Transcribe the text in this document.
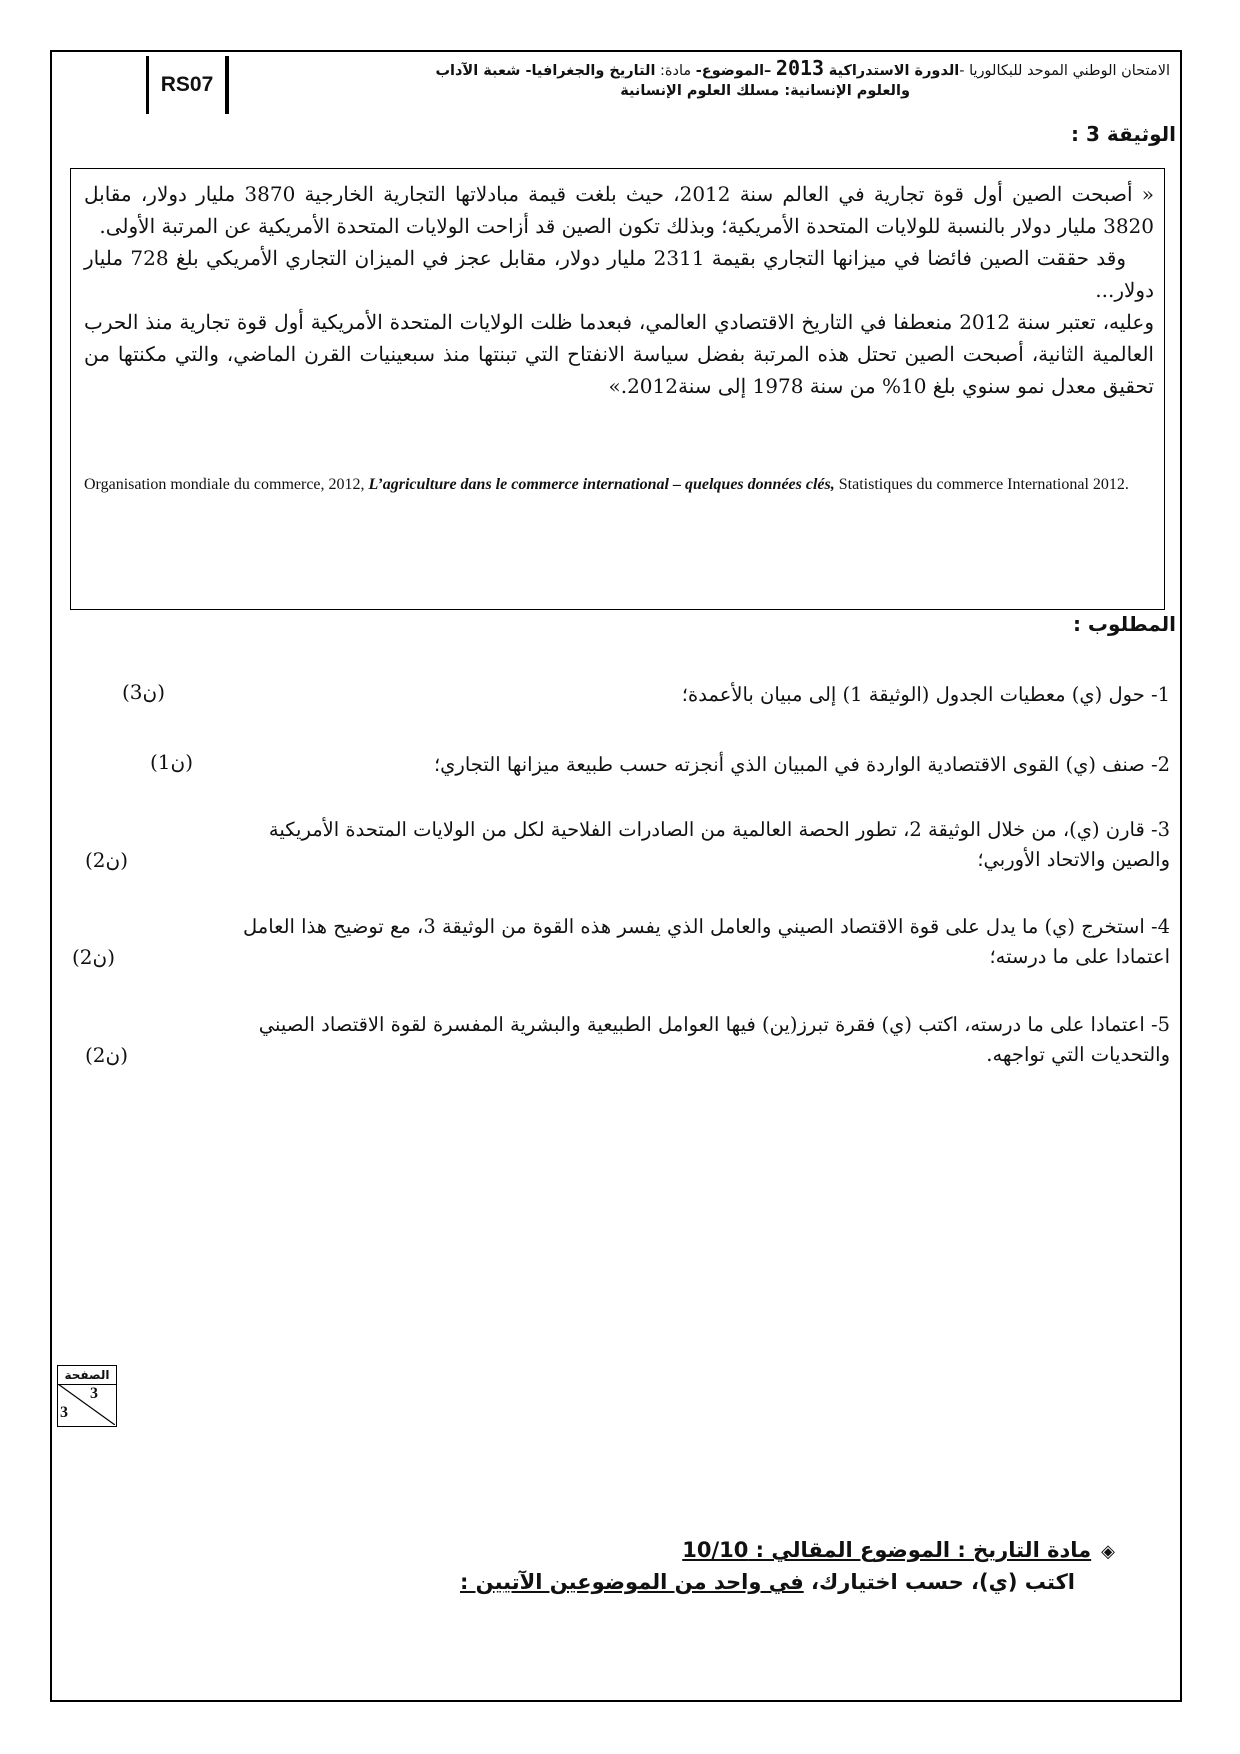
RS07
الامتحان الوطني الموحد للبكالوريا -الدورة الاستدراكية 2013 –الموضوع- مادة: التاريخ والجغرافيا- شعبة الآداب
والعلوم الإنسانية: مسلك العلوم الإنسانية
الوثيقة 3 :

« أصبحت الصين أول قوة تجارية في العالم سنة 2012، حيث بلغت قيمة مبادلاتها التجارية الخارجية 3870 مليار دولار، مقابل 3820 مليار دولار بالنسبة للولايات المتحدة الأمريكية؛ وبذلك تكون الصين قد أزاحت الولايات المتحدة الأمريكية عن المرتبة الأولى.

وقد حققت الصين فائضا في ميزانها التجاري بقيمة 2311 مليار دولار، مقابل عجز في الميزان التجاري الأمريكي بلغ 728 مليار دولار...

وعليه، تعتبر سنة 2012 منعطفا في التاريخ الاقتصادي العالمي، فبعدما ظلت الولايات المتحدة الأمريكية أول قوة تجارية منذ الحرب العالمية الثانية، أصبحت الصين تحتل هذه المرتبة بفضل سياسة الانفتاح التي تبنتها منذ سبعينيات القرن الماضي، والتي مكنتها من تحقيق معدل نمو سنوي بلغ 10% من سنة 1978 إلى سنة2012.»

Organisation mondiale du commerce, 2012, L’agriculture dans le commerce international – quelques données clés, Statistiques du commerce International 2012.
المطلوب :
1- حول (ي) معطيات الجدول (الوثيقة 1) إلى مبيان بالأعمدة؛
(3ن)
2- صنف (ي) القوى الاقتصادية الواردة في المبيان الذي أنجزته حسب طبيعة ميزانها التجاري؛
(1ن)
3- قارن (ي)، من خلال الوثيقة 2، تطور الحصة العالمية من الصادرات الفلاحية لكل من الولايات المتحدة الأمريكية والصين والاتحاد الأوربي؛
(2ن)
4- استخرج (ي) ما يدل على قوة الاقتصاد الصيني والعامل الذي يفسر هذه القوة من الوثيقة 3، مع توضيح هذا العامل اعتمادا على ما درسته؛
(2ن)
5- اعتمادا على ما درسته، اكتب (ي) فقرة تبرز(ين) فيها العوامل الطبيعية والبشرية المفسرة لقوة الاقتصاد الصيني والتحديات التي تواجهه.
(2ن)
الصفحة
3
3
◈مادة التاريخ : الموضوع المقالي : 10/10
اكتب (ي)، حسب اختيارك، في واحد من الموضوعين الآتيين :
